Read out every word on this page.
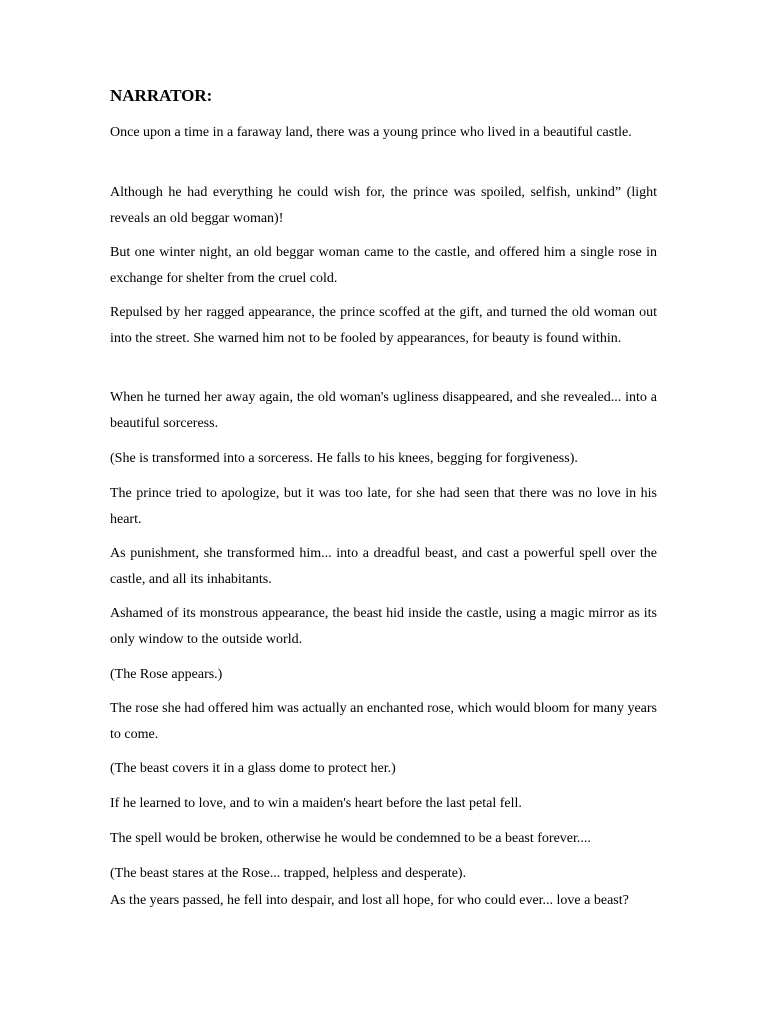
NARRATOR:

Once upon a time in a faraway land, there was a young prince who lived in a beautiful castle.

Although he had everything he could wish for, the prince was spoiled, selfish, unkind” (light reveals an old beggar woman)!

But one winter night, an old beggar woman came to the castle, and offered him a single rose in exchange for shelter from the cruel cold.

Repulsed by her ragged appearance, the prince scoffed at the gift, and turned the old woman out into the street. She warned him not to be fooled by appearances, for beauty is found within.

When he turned her away again, the old woman's ugliness disappeared, and she revealed... into a beautiful sorceress.

(She is transformed into a sorceress. He falls to his knees, begging for forgiveness).

The prince tried to apologize, but it was too late, for she had seen that there was no love in his heart.

As punishment, she transformed him... into a dreadful beast, and cast a powerful spell over the castle, and all its inhabitants.

Ashamed of its monstrous appearance, the beast hid inside the castle, using a magic mirror as its only window to the outside world.

(The Rose appears.)

The rose she had offered him was actually an enchanted rose, which would bloom for many years to come.

(The beast covers it in a glass dome to protect her.)

If he learned to love, and to win a maiden's heart before the last petal fell.

The spell would be broken, otherwise he would be condemned to be a beast forever....

(The beast stares at the Rose... trapped, helpless and desperate).

As the years passed, he fell into despair, and lost all hope, for who could ever... love a beast?
